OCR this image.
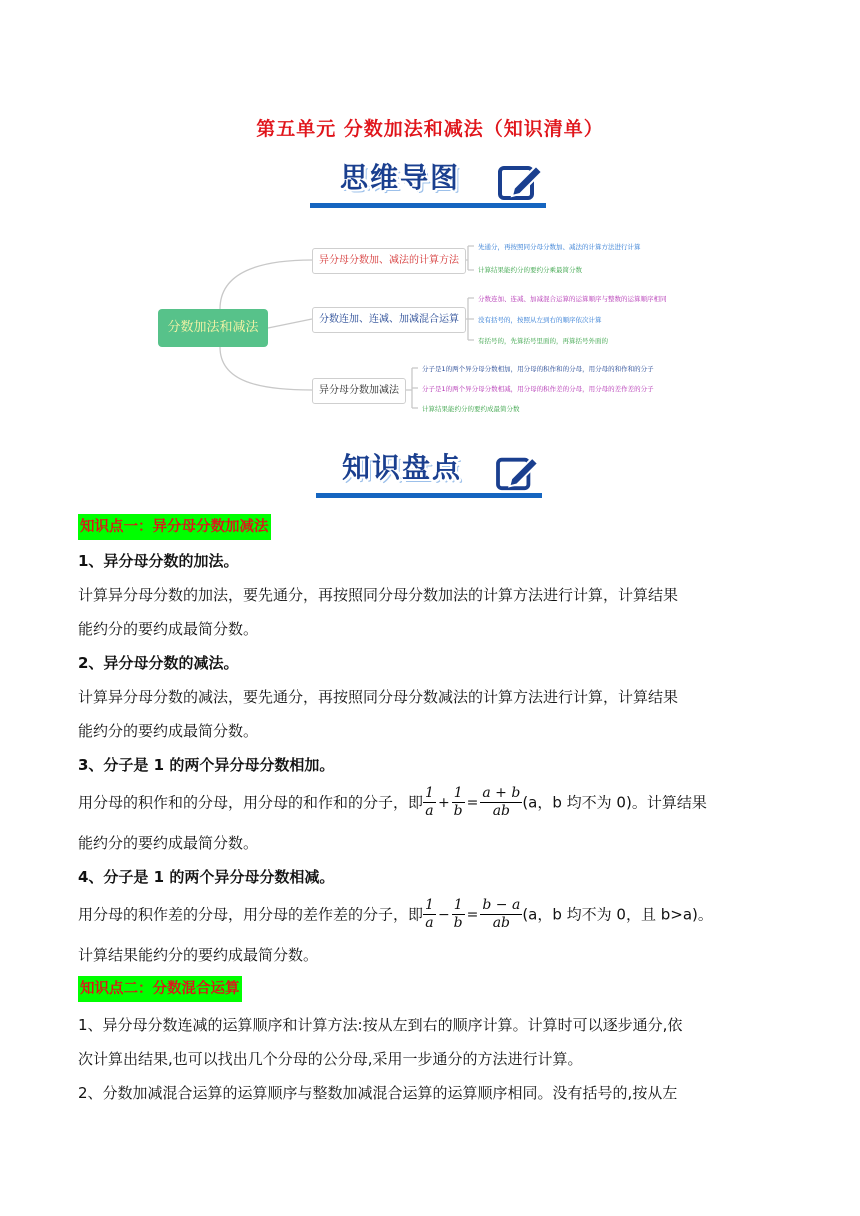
第五单元 分数加法和减法（知识清单）
思维导图
分数加法和减法
异分母分数加、减法的计算方法
先通分，再按照同分母分数加、减法的计算方法进行计算
计算结果能约分的要约分乘最简分数
分数连加、连减、加减混合运算
分数连加、连减、加减混合运算的运算顺序与整数的运算顺序相同
没有括号的，按照从左到右的顺序依次计算
有括号的，先算括号里面的，再算括号外面的
异分母分数加减法
分子是1的两个异分母分数相加，用分母的积作和的分母，用分母的和作和的分子
分子是1的两个异分母分数相减，用分母的积作差的分母，用分母的差作差的分子
计算结果能约分的要约成最简分数
知识盘点
知识点一：异分母分数加减法
1、异分母分数的加法。
计算异分母分数的加法，要先通分，再按照同分母分数加法的计算方法进行计算，计算结果
能约分的要约成最简分数。
2、异分母分数的减法。
计算异分母分数的减法，要先通分，再按照同分母分数减法的计算方法进行计算，计算结果
能约分的要约成最简分数。
3、分子是 1 的两个异分母分数相加。
用分母的积作和的分母，用分母的和作和的分子，即 $\frac{1}{a} + \frac{1}{b} = \frac{a + b}{ab} (a$，b 均不为 0)。计算结果
能约分的要约成最简分数。
4、分子是 1 的两个异分母分数相减。
用分母的积作差的分母，用分母的差作差的分子，即 $\frac{1}{a} - \frac{1}{b} = \frac{b - a}{ab} (a$，b 均不为 0，且 b>a)。
计算结果能约分的要约成最简分数。
知识点二：分数混合运算
1、异分母分数连减的运算顺序和计算方法:按从左到右的顺序计算。计算时可以逐步通分,依
次计算出结果,也可以找出几个分母的公分母,采用一步通分的方法进行计算。
2、分数加减混合运算的运算顺序与整数加减混合运算的运算顺序相同。没有括号的,按从左
